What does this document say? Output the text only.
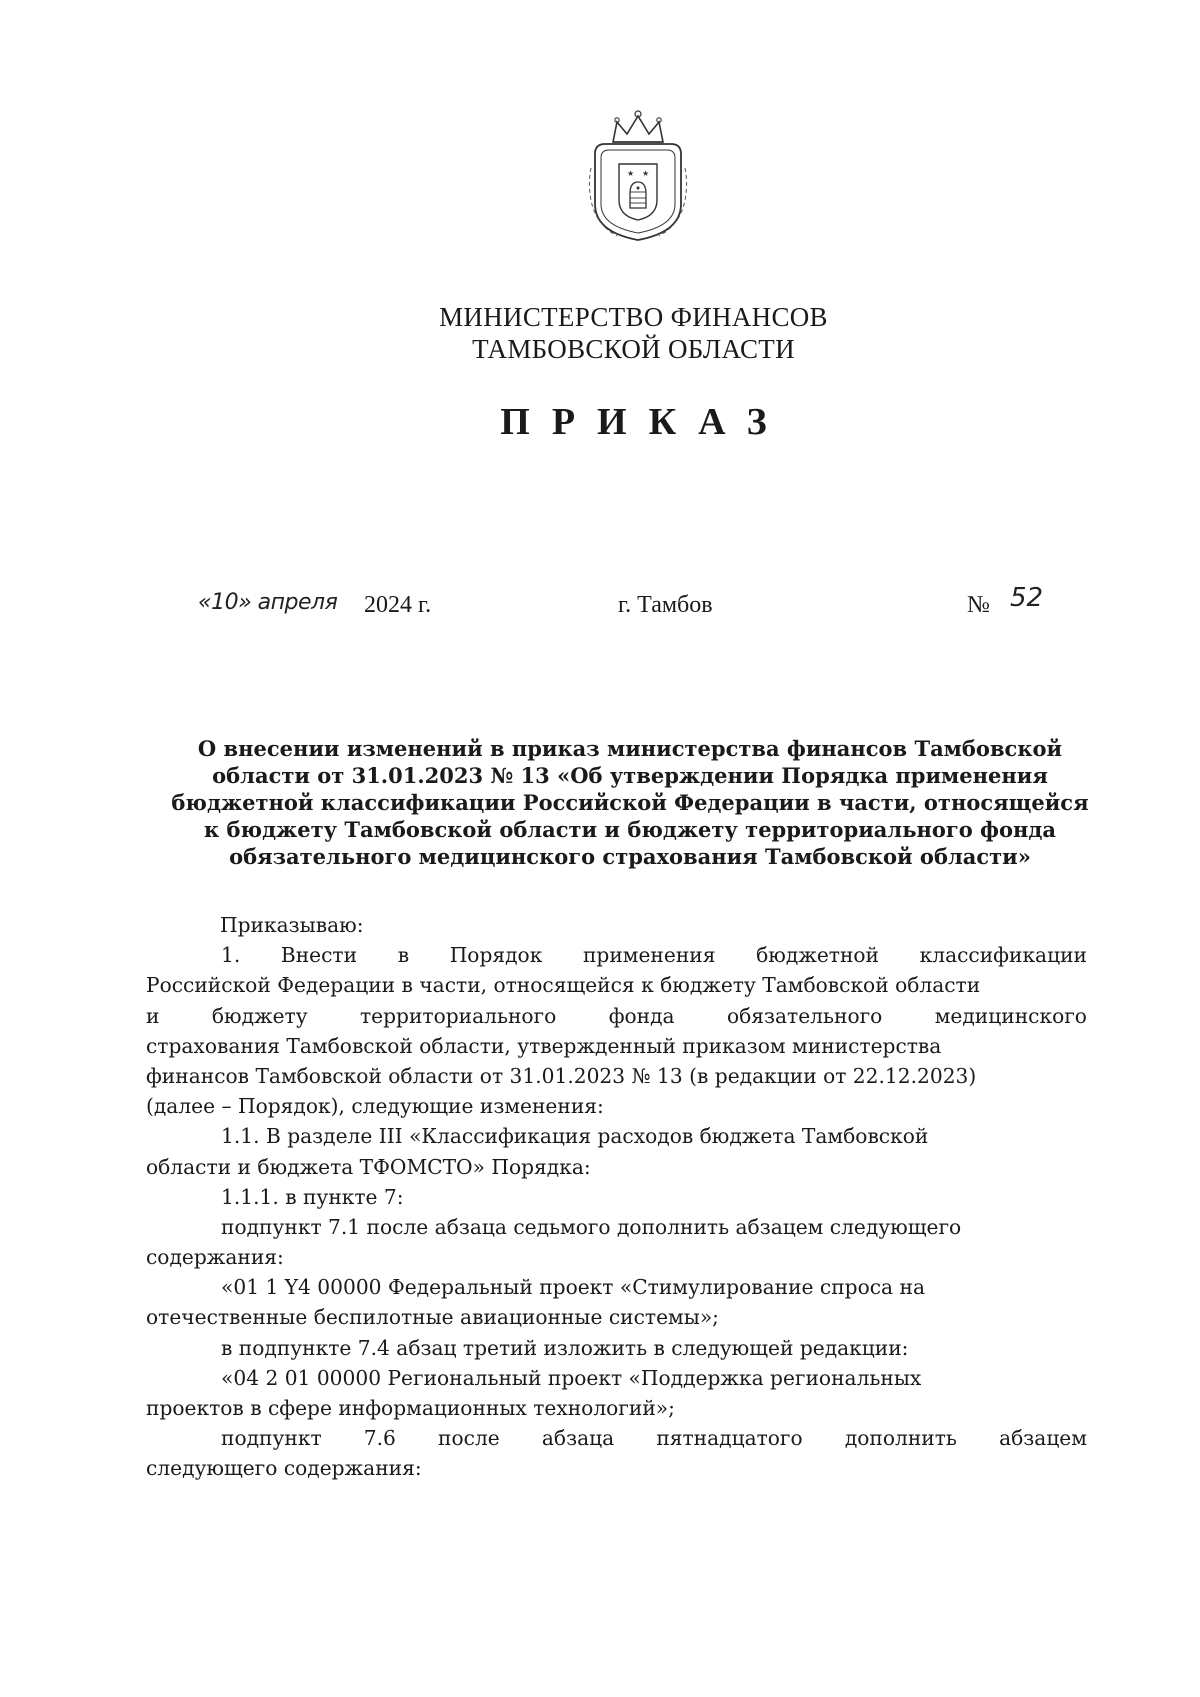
★ ★
МИНИСТЕРСТВО ФИНАНСОВ
ТАМБОВСКОЙ ОБЛАСТИ
ПРИКАЗ
«10» апреля 2024 г.	г. Тамбов	№ 52
О внесении изменений в приказ министерства финансов Тамбовской
области от 31.01.2023 № 13 «Об утверждении Порядка применения
бюджетной классификации Российской Федерации в части, относящейся
к бюджету Тамбовской области и бюджету территориального фонда
обязательного медицинского страхования Тамбовской области»
Приказываю:
1. Внести в Порядок применения бюджетной классификации
Российской Федерации в части, относящейся к бюджету Тамбовской области
и	бюджету	территориального	фонда	обязательного	медицинского
страхования Тамбовской области, утвержденный приказом министерства
финансов Тамбовской области от 31.01.2023 № 13 (в редакции от 22.12.2023)
(далее – Порядок), следующие изменения:
1.1. В разделе III «Классификация расходов бюджета Тамбовской
области и бюджета ТФОМСТО» Порядка:
1.1.1. в пункте 7:
подпункт 7.1 после абзаца седьмого дополнить абзацем следующего
содержания:
«01 1 Y4 00000 Федеральный проект «Стимулирование спроса на
отечественные беспилотные авиационные системы»;
в подпункте 7.4 абзац третий изложить в следующей редакции:
«04 2 01 00000 Региональный проект «Поддержка региональных
проектов в сфере информационных технологий»;
подпункт 7.6 после абзаца пятнадцатого дополнить абзацем
следующего содержания:
